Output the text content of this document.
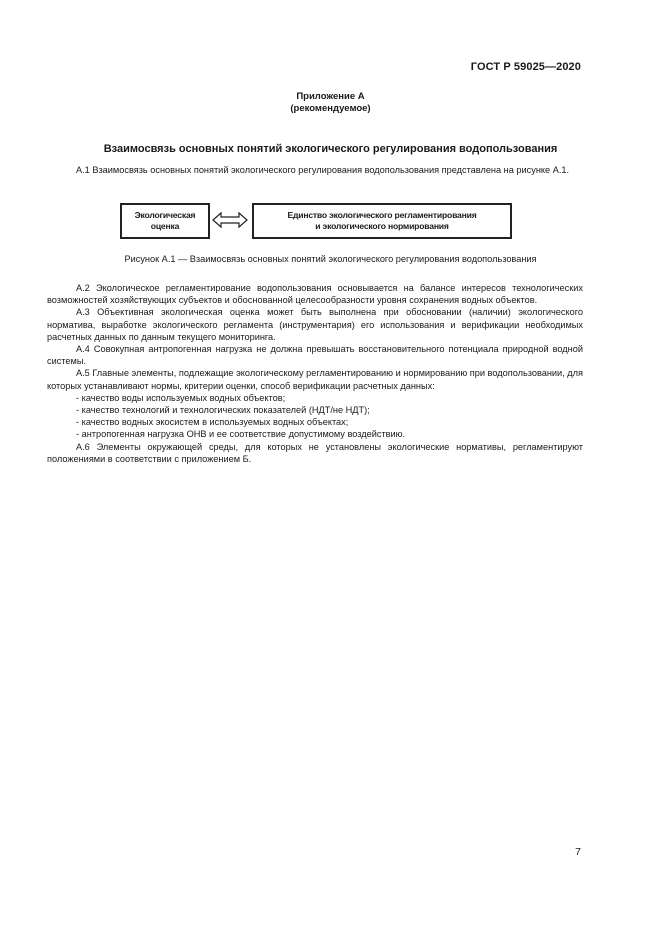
ГОСТ Р 59025—2020
Приложение А
(рекомендуемое)
Взаимосвязь основных понятий экологического регулирования водопользования

А.1 Взаимосвязь основных понятий экологического регулирования водопользования представлена на рисунке А.1.

Экологическая
оценка
Единство экологического регламентирования
и экологического нормирования
Рисунок А.1 — Взаимосвязь основных понятий экологического регулирования водопользования

А.2 Экологическое регламентирование водопользования основывается на балансе интересов технологических возможностей хозяйствующих субъектов и обоснованной целесообразности уровня сохранения водных объектов.

А.3 Объективная экологическая оценка может быть выполнена при обосновании (наличии) экологического норматива, выработке экологического регламента (инструментария) его использования и верификации необходимых расчетных данных по данным текущего мониторинга.

А.4 Совокупная антропогенная нагрузка не должна превышать восстановительного потенциала природной водной системы.

А.5 Главные элементы, подлежащие экологическому регламентированию и нормированию при водопользовании, для которых устанавливают нормы, критерии оценки, способ верификации расчетных данных:

- качество воды используемых водных объектов;

- качество технологий и технологических показателей (НДТ/не НДТ);

- качество водных экосистем в используемых водных объектах;

- антропогенная нагрузка ОНВ и ее соответствие допустимому воздействию.

А.6 Элементы окружающей среды, для которых не установлены экологические нормативы, регламентируют положениями в соответствии с приложением Б.

7
